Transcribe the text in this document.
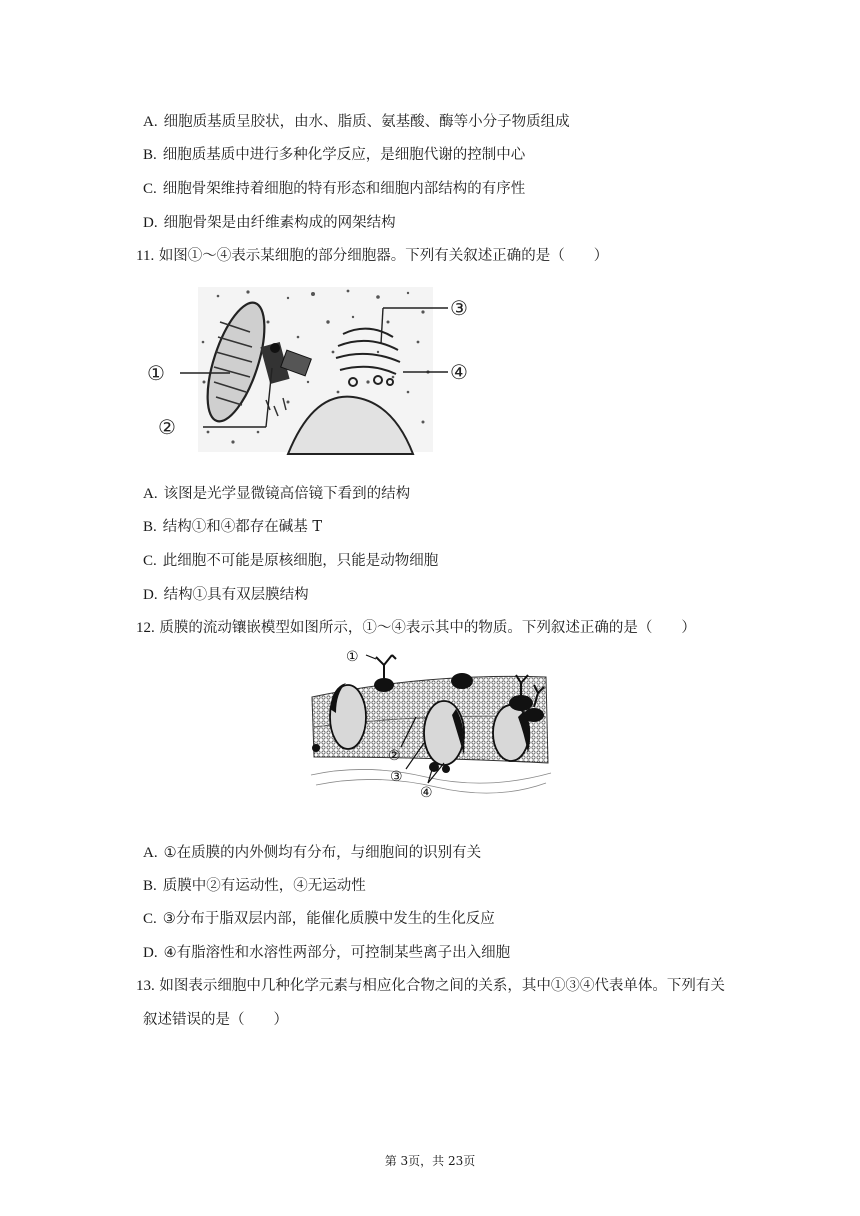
A. 细胞质基质呈胶状，由水、脂质、氨基酸、酶等小分子物质组成
B. 细胞质基质中进行多种化学反应，是细胞代谢的控制中心
C. 细胞骨架维持着细胞的特有形态和细胞内部结构的有序性
D. 细胞骨架是由纤维素构成的网架结构
11. 如图①～④表示某细胞的部分细胞器。下列有关叙述正确的是（　　）
①
②
③
④
A. 该图是光学显微镜高倍镜下看到的结构
B. 结构①和④都存在碱基 T
C. 此细胞不可能是原核细胞，只能是动物细胞
D. 结构①具有双层膜结构
12. 质膜的流动镶嵌模型如图所示，①～④表示其中的物质。下列叙述正确的是（　　）
①
②
③
④
A. ①在质膜的内外侧均有分布，与细胞间的识别有关
B. 质膜中②有运动性，④无运动性
C. ③分布于脂双层内部，能催化质膜中发生的生化反应
D. ④有脂溶性和水溶性两部分，可控制某些离子出入细胞
13. 如图表示细胞中几种化学元素与相应化合物之间的关系，其中①③④代表单体。下列有关
叙述错误的是（　　）
第 3页，共 23页
